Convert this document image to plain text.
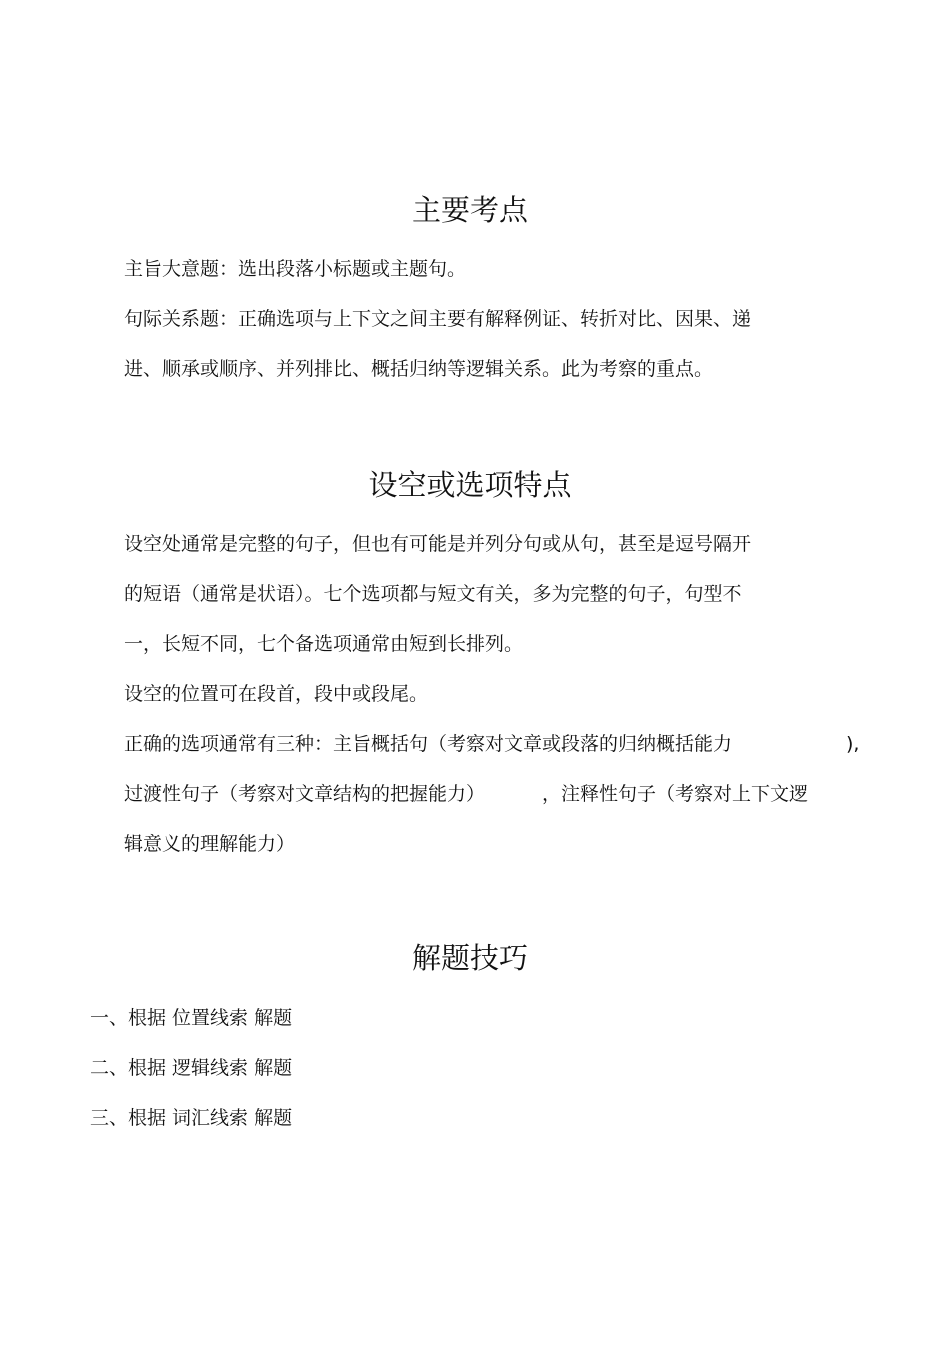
主要考点

主旨大意题：选出段落小标题或主题句。

句际关系题：正确选项与上下文之间主要有解释例证、转折对比、因果、递

进、顺承或顺序、并列排比、概括归纳等逻辑关系。此为考察的重点。

设空或选项特点

设空处通常是完整的句子，但也有可能是并列分句或从句，甚至是逗号隔开

的短语（通常是状语）。七个选项都与短文有关，多为完整的句子，句型不

一，长短不同，七个备选项通常由短到长排列。

设空的位置可在段首，段中或段尾。

正确的选项通常有三种：主旨概括句（考察对文章或段落的归纳概括能力	),

过渡性句子（考察对文章结构的把握能力）	，注释性句子（考察对上下文逻

辑意义的理解能力）

解题技巧

一、根据 位置线索 解题

二、根据 逻辑线索 解题

三、根据 词汇线索 解题
